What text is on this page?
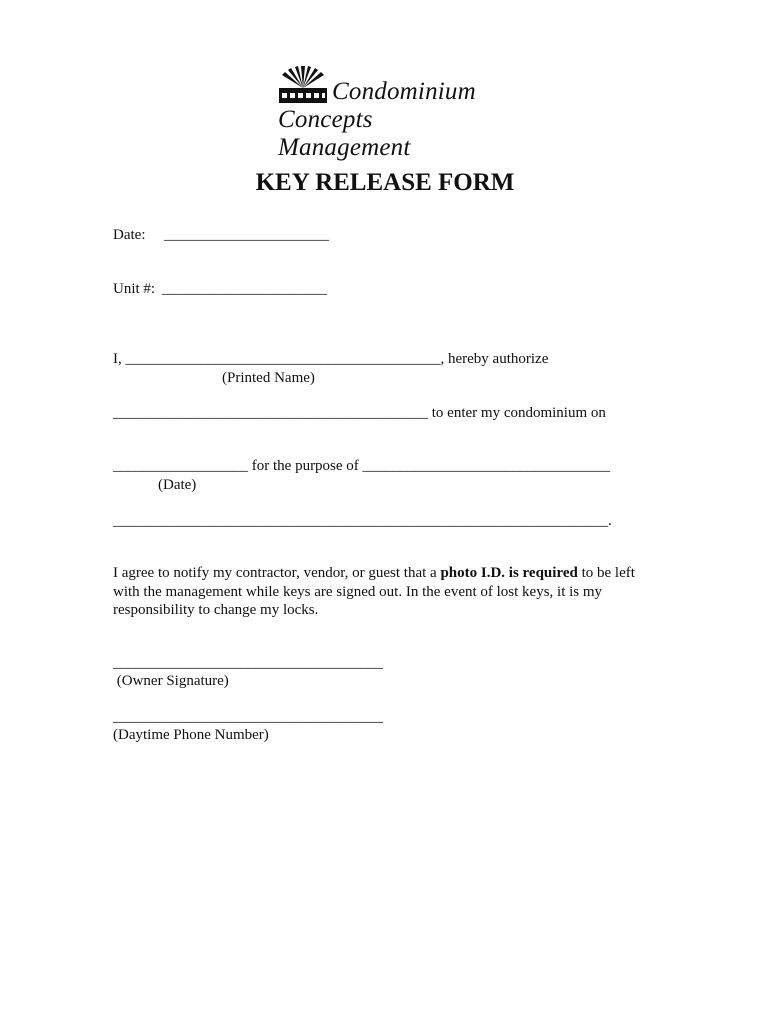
Condominium
Concepts Management
KEY RELEASE FORM
Date: ______________________
Unit #: ______________________
I, __________________________________________, hereby authorize
(Printed Name)
__________________________________________ to enter my condominium on
__________________ for the purpose of _________________________________
(Date)
__________________________________________________________________.
I agree to notify my contractor, vendor, or guest that a photo I.D. is required to be left with the management while keys are signed out. In the event of lost keys, it is my responsibility to change my locks.
____________________________________
(Owner Signature)
____________________________________
(Daytime Phone Number)
